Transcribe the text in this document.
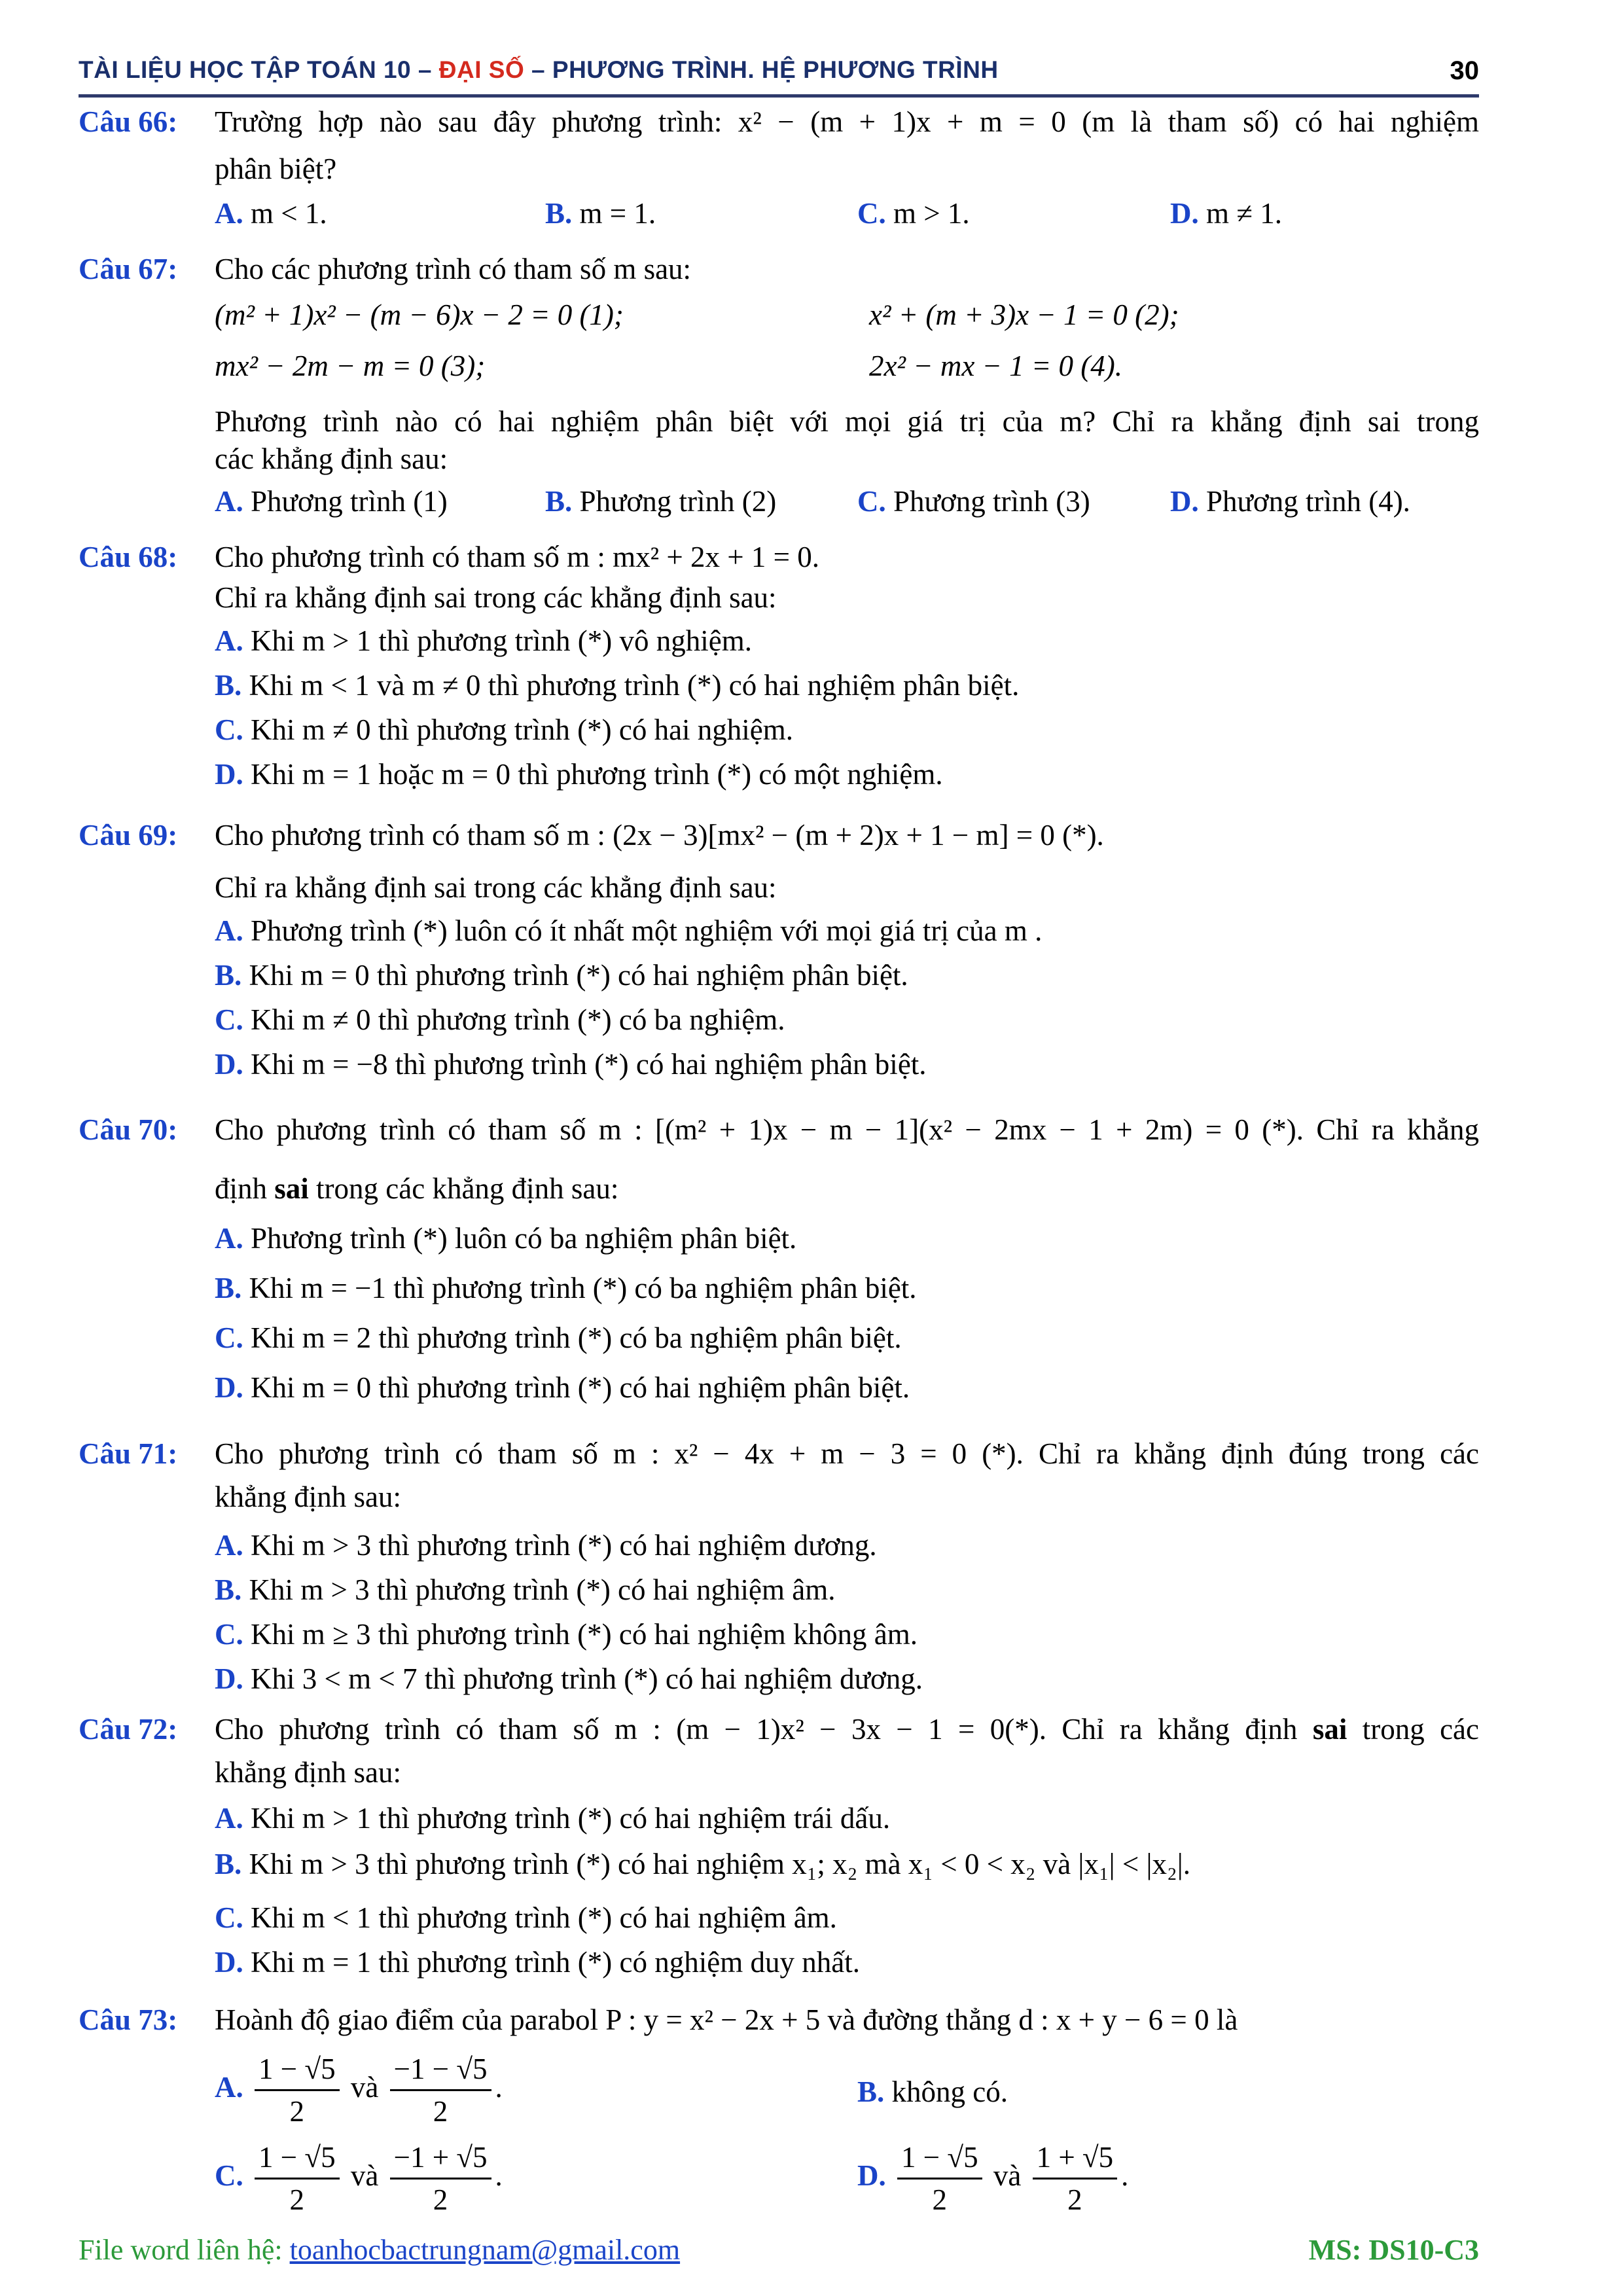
TÀI LIỆU HỌC TẬP TOÁN 10 – ĐẠI SỐ – PHƯƠNG TRÌNH. HỆ PHƯƠNG TRÌNH	30
Câu 66: Trường hợp nào sau đây phương trình: x² − (m + 1)x + m = 0 (m là tham số) có hai nghiệm
phân biệt?
A. m < 1.	B. m = 1.	C. m > 1.	D. m ≠ 1.
Câu 67: Cho các phương trình có tham số m sau:
(m² + 1)x² − (m − 6)x − 2 = 0 (1);	x² + (m + 3)x − 1 = 0 (2);
mx² − 2m − m = 0 (3);	2x² − mx − 1 = 0 (4).
Phương trình nào có hai nghiệm phân biệt với mọi giá trị của m? Chỉ ra khẳng định sai trong
các khẳng định sau:
A. Phương trình (1)	B. Phương trình (2)	C. Phương trình (3)	D. Phương trình (4).
Câu 68: Cho phương trình có tham số m : mx² + 2x + 1 = 0.
Chỉ ra khẳng định sai trong các khẳng định sau:
A. Khi m > 1 thì phương trình (*) vô nghiệm.
B. Khi m < 1 và m ≠ 0 thì phương trình (*) có hai nghiệm phân biệt.
C. Khi m ≠ 0 thì phương trình (*) có hai nghiệm.
D. Khi m = 1 hoặc m = 0 thì phương trình (*) có một nghiệm.
Câu 69: Cho phương trình có tham số m : (2x − 3)[mx² − (m + 2)x + 1 − m] = 0 (*).
Chỉ ra khẳng định sai trong các khẳng định sau:
A. Phương trình (*) luôn có ít nhất một nghiệm với mọi giá trị của m .
B. Khi m = 0 thì phương trình (*) có hai nghiệm phân biệt.
C. Khi m ≠ 0 thì phương trình (*) có ba nghiệm.
D. Khi m = −8 thì phương trình (*) có hai nghiệm phân biệt.
Câu 70: Cho phương trình có tham số m : [(m² + 1)x − m − 1](x² − 2mx − 1 + 2m) = 0 (*). Chỉ ra khẳng
định sai trong các khẳng định sau:
A. Phương trình (*) luôn có ba nghiệm phân biệt.
B. Khi m = −1 thì phương trình (*) có ba nghiệm phân biệt.
C. Khi m = 2 thì phương trình (*) có ba nghiệm phân biệt.
D. Khi m = 0 thì phương trình (*) có hai nghiệm phân biệt.
Câu 71: Cho phương trình có tham số m : x² − 4x + m − 3 = 0 (*). Chỉ ra khẳng định đúng trong các
khẳng định sau:
A. Khi m > 3 thì phương trình (*) có hai nghiệm dương.
B. Khi m > 3 thì phương trình (*) có hai nghiệm âm.
C. Khi m ≥ 3 thì phương trình (*) có hai nghiệm không âm.
D. Khi 3 < m < 7 thì phương trình (*) có hai nghiệm dương.
Câu 72: Cho phương trình có tham số m : (m − 1)x² − 3x − 1 = 0(*). Chỉ ra khẳng định sai trong các
khẳng định sau:
A. Khi m > 1 thì phương trình (*) có hai nghiệm trái dấu.
B. Khi m > 3 thì phương trình (*) có hai nghiệm x₁; x₂ mà x₁ < 0 < x₂ và |x₁| < |x₂|.
C. Khi m < 1 thì phương trình (*) có hai nghiệm âm.
D. Khi m = 1 thì phương trình (*) có nghiệm duy nhất.
Câu 73: Hoành độ giao điểm của parabol P : y = x² − 2x + 5 và đường thẳng d : x + y − 6 = 0 là
A. $\frac{1 - √5}{2}$ và $\frac{-1 - √5}{2}$ .	B. không có.
C. $\frac{1 - √5}{2}$ và $\frac{-1 + √5}{2}$ .	D. $\frac{1 - √5}{2}$ và $\frac{1 + √5}{2}$ .
File word liên hệ: toanhocbactrungnam@gmail.com	MS: DS10-C3
